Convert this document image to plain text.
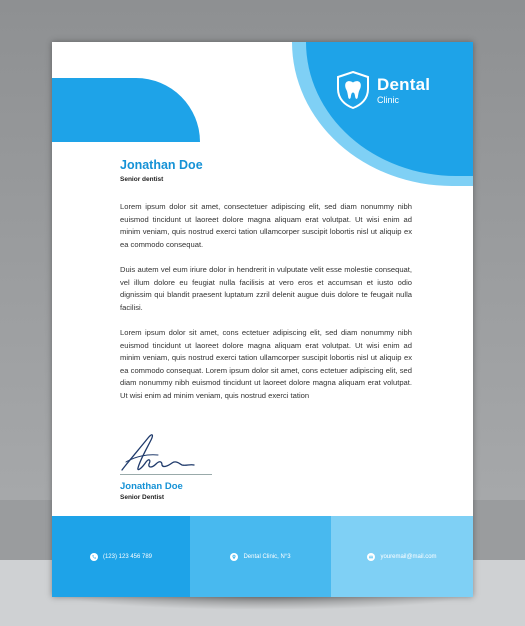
Dental
Clinic
Jonathan Doe
Senior dentist

Lorem ipsum dolor sit amet, consectetuer adipiscing elit, sed diam nonummy nibh euismod tincidunt ut laoreet dolore magna aliquam erat volutpat. Ut wisi enim ad minim veniam, quis nostrud exerci tation ullamcorper suscipit lobortis nisl ut aliquip ex ea commodo consequat.

Duis autem vel eum iriure dolor in hendrerit in vulputate velit esse molestie consequat, vel illum dolore eu feugiat nulla facilisis at vero eros et accumsan et iusto odio dignissim qui blandit praesent luptatum zzril delenit augue duis dolore te feugait nulla facilisi.

Lorem ipsum dolor sit amet, cons ectetuer adipiscing elit, sed diam nonummy nibh euismod tincidunt ut laoreet dolore magna aliquam erat volutpat. Ut wisi enim ad minim veniam, quis nostrud exerci tation ullamcorper suscipit lobortis nisl ut aliquip ex ea commodo consequat. Lorem ipsum dolor sit amet, cons ectetuer adipiscing elit, sed diam nonummy nibh euismod tincidunt ut laoreet dolore magna aliquam erat volutpat. Ut wisi enim ad minim veniam, quis nostrud exerci tation

Jonathan Doe
Senior Dentist
(123) 123 456 789	Dental Clinic, N°3	youremail@mail.com
